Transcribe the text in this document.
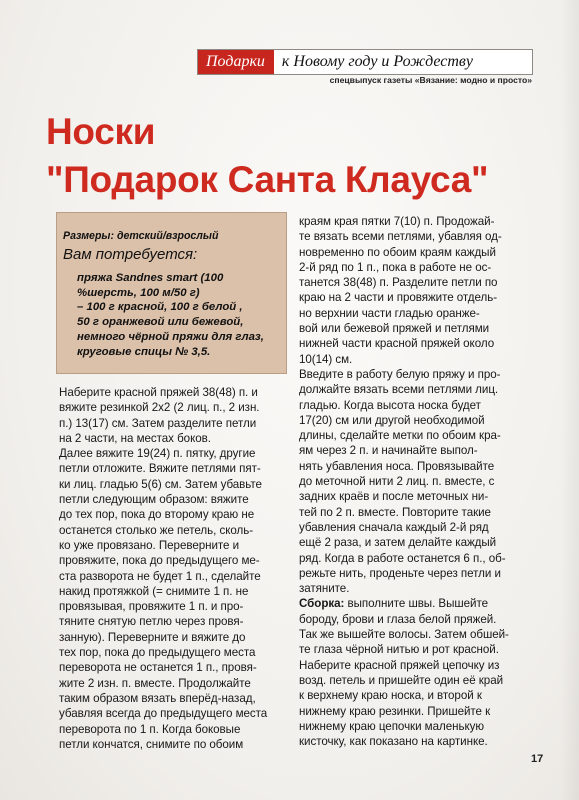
Подарки	к Новому году и Рождеству
спецвыпуск газеты «Вязание: модно и просто»
Носки
"Подарок Санта Клауса"

Размеры: детский/взрослый

Вам потребуется:

пряжа Sandnes smart (100
%шерсть, 100 м/50 г)
– 100 г красной, 100 г белой ,
50 г оранжевой или бежевой,
немного чёрной пряжи для глаз,
круговые спицы № 3,5.
Наберите красной пряжей 38(48) п. и
вяжите резинкой 2х2 (2 лиц. п., 2 изн.
п.) 13(17) см. Затем разделите петли
на 2 части, на местах боков.
Далее вяжите 19(24) п. пятку, другие
петли отложите. Вяжите петлями пят-
ки лиц. гладью 5(6) см. Затем убавьте
петли следующим образом: вяжите
до тех пор, пока до второму краю не
останется столько же петель, сколь-
ко уже провязано. Переверните и
провяжите, пока до предыдущего ме-
ста разворота не будет 1 п., сделайте
накид протяжкой (= снимите 1 п. не
провязывая, провяжите 1 п. и про-
тяните снятую петлю через провя-
занную). Переверните и вяжите до
тех пор, пока до предыдущего места
переворота не останется 1 п., провя-
жите 2 изн. п. вместе. Продолжайте
таким образом вязать вперёд-назад,
убавляя всегда до предыдущего места
переворота по 1 п. Когда боковые
петли кончатся, снимите по обоим
краям края пятки 7(10) п. Продожай-
те вязать всеми петлями, убавляя од-
новременно по обоим краям каждый
2-й ряд по 1 п., пока в работе не ос-
танется 38(48) п. Разделите петли по
краю на 2 части и провяжите отдель-
но верхнии части гладью оранже-
вой или бежевой пряжей и петлями
нижней части красной пряжей около
10(14) см.
Введите в работу белую пряжу и про-
должайте вязать всеми петлями лиц.
гладью. Когда высота носка будет
17(20) см или другой необходимой
длины, сделайте метки по обоим кра-
ям через 2 п. и начинайте выпол-
нять убавления носа. Провязывайте
до меточной нити 2 лиц. п. вместе, с
задних краёв и после меточных ни-
тей по 2 п. вместе. Повторите такие
убавления сначала каждый 2-й ряд
ещё 2 раза, и затем делайте каждый
ряд. Когда в работе останется 6 п., об-
режьте нить, проденьте через петли и
затяните.
Сборка: выполните швы. Вышейте
бороду, брови и глаза белой пряжей.
Так же вышейте волосы. Затем обшей-
те глаза чёрной нитью и рот красной.
Наберите красной пряжей цепочку из
возд. петель и пришейте один её край
к верхнему краю носка, и второй к
нижнему краю резинки. Пришейте к
нижнему краю цепочки маленькую
кисточку, как показано на картинке.
17
